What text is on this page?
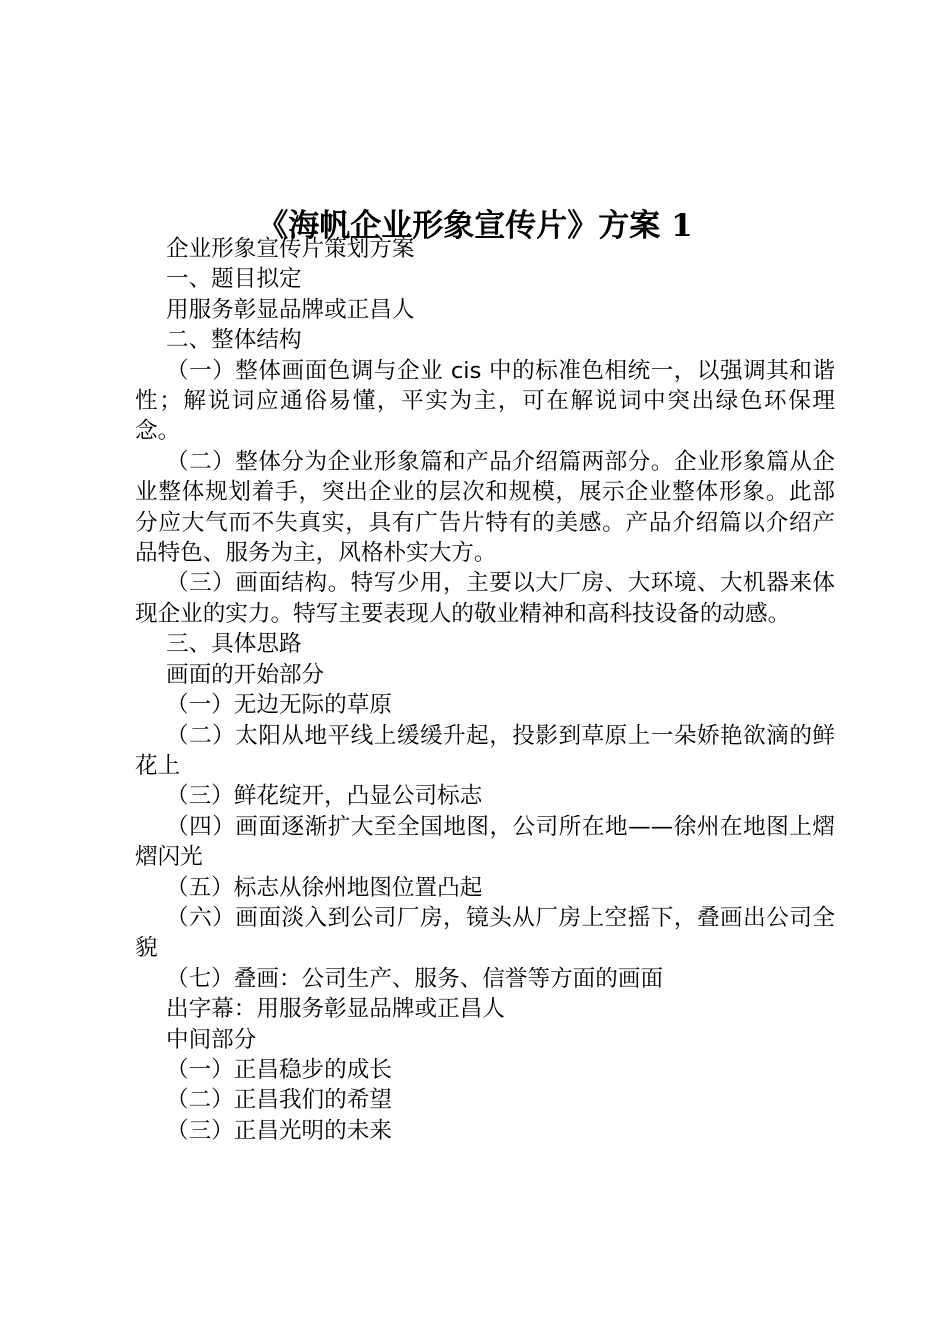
《海帆企业形象宣传片》方案 1

企业形象宣传片策划方案

一、题目拟定

用服务彰显品牌或正昌人

二、整体结构

（一）整体画面色调与企业 cis 中的标准色相统一，以强调其和谐性；解说词应通俗易懂，平实为主，可在解说词中突出绿色环保理念。

（二）整体分为企业形象篇和产品介绍篇两部分。企业形象篇从企业整体规划着手，突出企业的层次和规模，展示企业整体形象。此部分应大气而不失真实，具有广告片特有的美感。产品介绍篇以介绍产品特色、服务为主，风格朴实大方。

（三）画面结构。特写少用，主要以大厂房、大环境、大机器来体现企业的实力。特写主要表现人的敬业精神和高科技设备的动感。

三、具体思路

画面的开始部分

（一）无边无际的草原

（二）太阳从地平线上缓缓升起，投影到草原上一朵娇艳欲滴的鲜花上

（三）鲜花绽开，凸显公司标志

（四）画面逐渐扩大至全国地图，公司所在地——徐州在地图上熠熠闪光

（五）标志从徐州地图位置凸起

（六）画面淡入到公司厂房，镜头从厂房上空摇下，叠画出公司全貌

（七）叠画：公司生产、服务、信誉等方面的画面

出字幕：用服务彰显品牌或正昌人

中间部分

（一）正昌稳步的成长

（二）正昌我们的希望

（三）正昌光明的未来
